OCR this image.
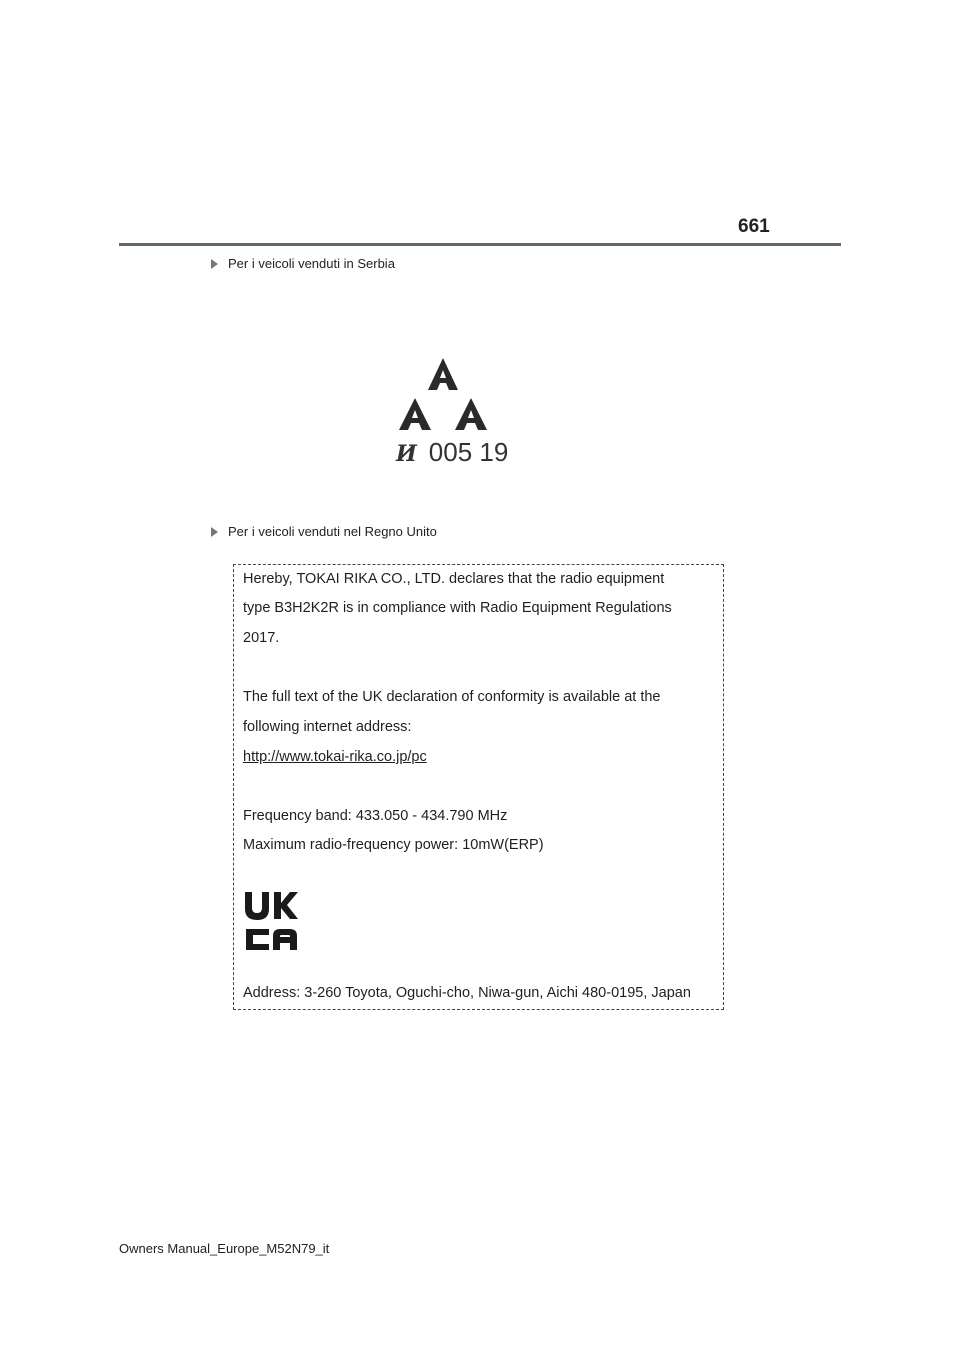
661
Per i veicoli venduti in Serbia
И 005 19
Per i veicoli venduti nel Regno Unito
Hereby, TOKAI RIKA CO., LTD. declares that the radio equipment
type B3H2K2R is in compliance with Radio Equipment Regulations
2017.
The full text of the UK declaration of conformity is available at the
following internet address:
http://www.tokai-rika.co.jp/pc
Frequency band: 433.050 - 434.790 MHz
Maximum radio-frequency power: 10mW(ERP)
Address: 3-260 Toyota, Oguchi-cho, Niwa-gun, Aichi 480-0195, Japan
Owners Manual_Europe_M52N79_it
